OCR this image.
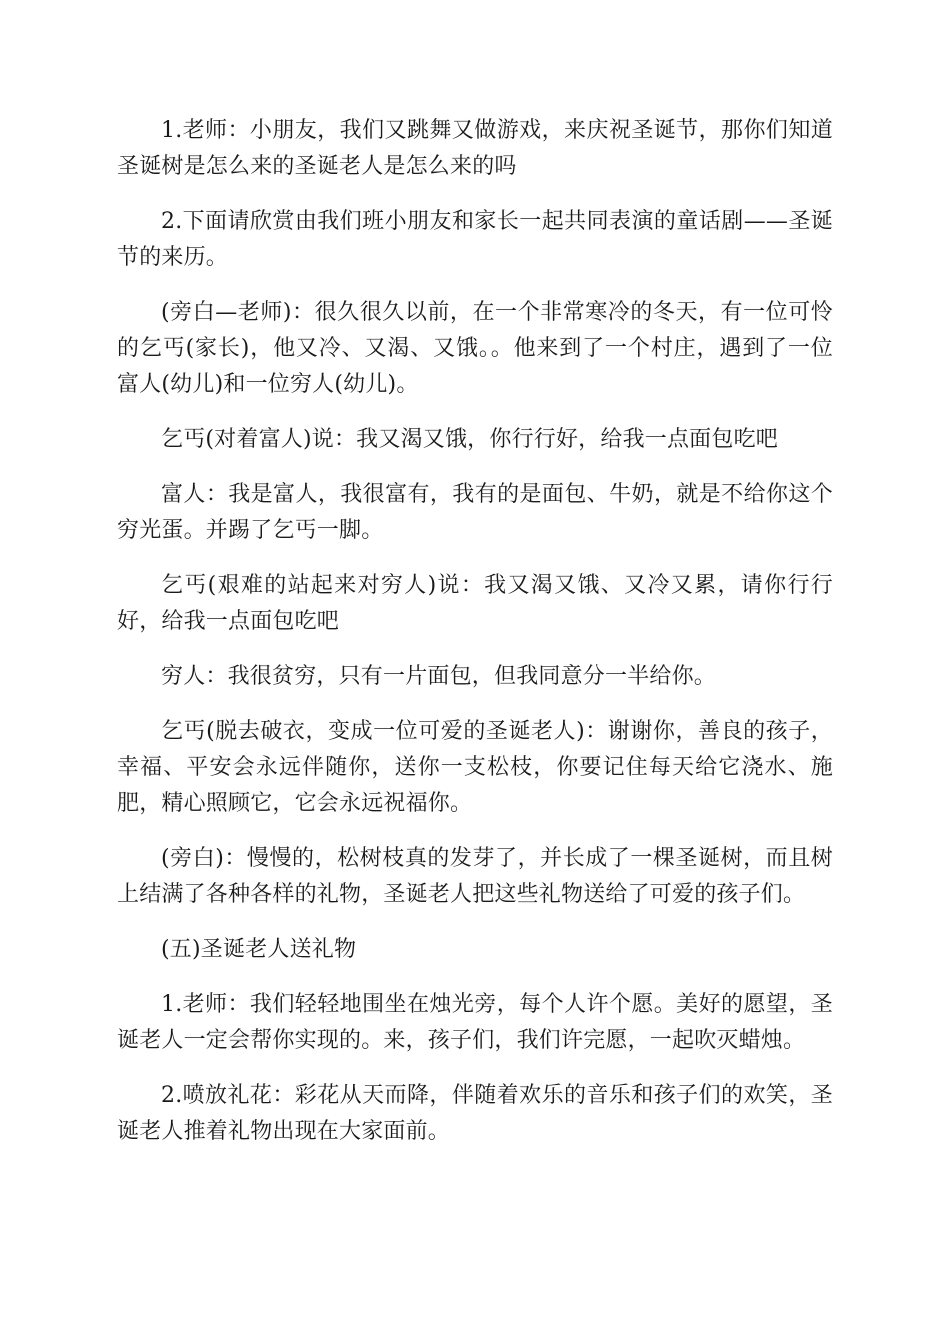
1.老师：小朋友，我们又跳舞又做游戏，来庆祝圣诞节，那你们知道圣诞树是怎么来的圣诞老人是怎么来的吗

2.下面请欣赏由我们班小朋友和家长一起共同表演的童话剧——圣诞节的来历。

(旁白—老师)：很久很久以前，在一个非常寒冷的冬天，有一位可怜的乞丐(家长)，他又冷、又渴、又饿。。他来到了一个村庄，遇到了一位富人(幼儿)和一位穷人(幼儿)。

乞丐(对着富人)说：我又渴又饿，你行行好，给我一点面包吃吧

富人：我是富人，我很富有，我有的是面包、牛奶，就是不给你这个穷光蛋。并踢了乞丐一脚。

乞丐(艰难的站起来对穷人)说：我又渴又饿、又冷又累，请你行行好，给我一点面包吃吧

穷人：我很贫穷，只有一片面包，但我同意分一半给你。

乞丐(脱去破衣，变成一位可爱的圣诞老人)：谢谢你，善良的孩子，幸福、平安会永远伴随你，送你一支松枝，你要记住每天给它浇水、施肥，精心照顾它，它会永远祝福你。

(旁白)：慢慢的，松树枝真的发芽了，并长成了一棵圣诞树，而且树上结满了各种各样的礼物，圣诞老人把这些礼物送给了可爱的孩子们。

(五)圣诞老人送礼物

1.老师：我们轻轻地围坐在烛光旁，每个人许个愿。美好的愿望，圣诞老人一定会帮你实现的。来，孩子们，我们许完愿，一起吹灭蜡烛。

2.喷放礼花：彩花从天而降，伴随着欢乐的音乐和孩子们的欢笑，圣诞老人推着礼物出现在大家面前。
